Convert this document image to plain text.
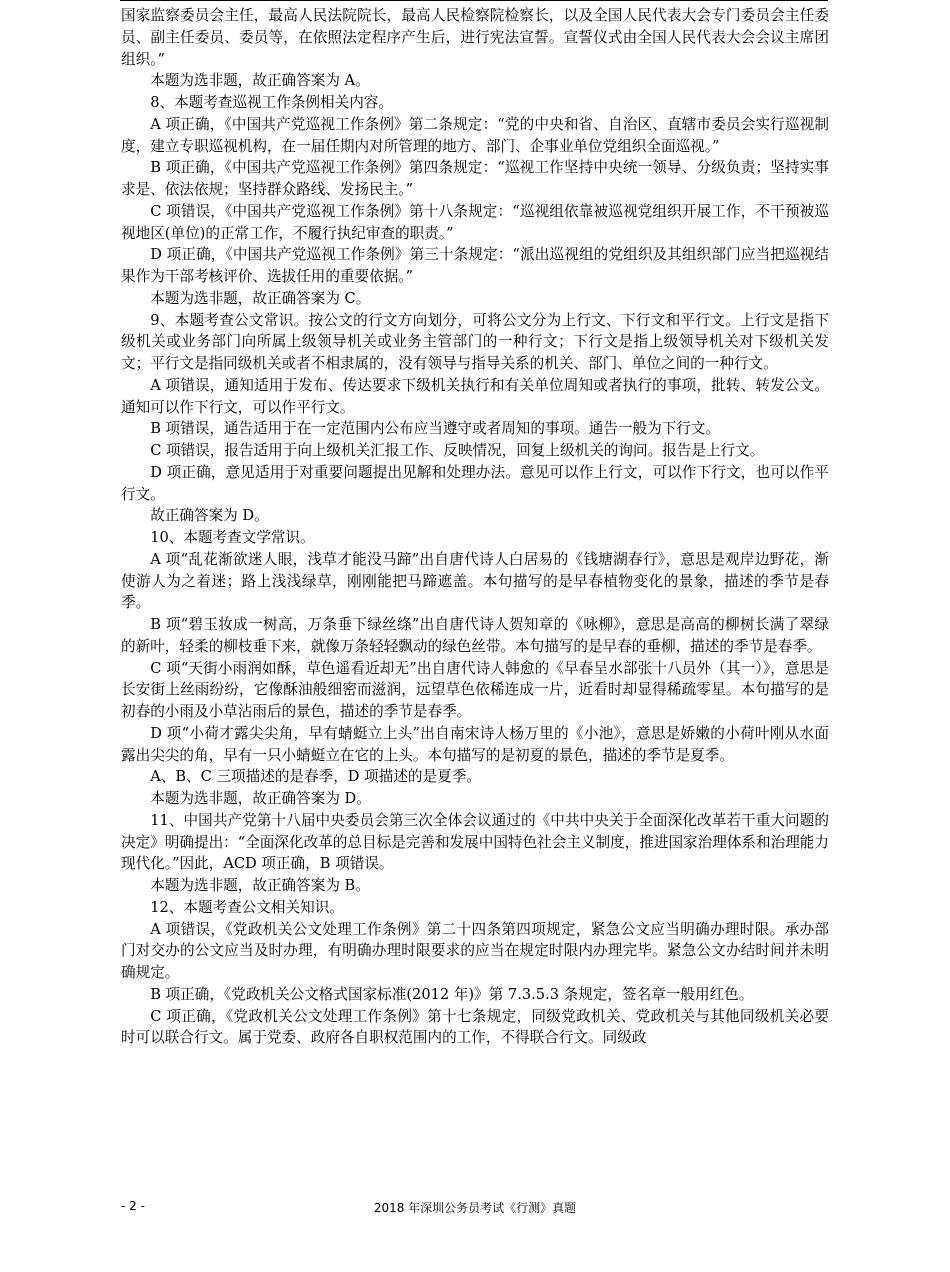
国家监察委员会主任，最高人民法院院长，最高人民检察院检察长，以及全国人民代表大会专门委员会主任委员、副主任委员、委员等，在依照法定程序产生后，进行宪法宣誓。宣誓仪式由全国人民代表大会会议主席团组织。”

本题为选非题，故正确答案为 A。

8、本题考查巡视工作条例相关内容。

A 项正确，《中国共产党巡视工作条例》第二条规定：“党的中央和省、自治区、直辖市委员会实行巡视制度，建立专职巡视机构，在一届任期内对所管理的地方、部门、企事业单位党组织全面巡视。”

B 项正确，《中国共产党巡视工作条例》第四条规定：“巡视工作坚持中央统一领导、分级负责；坚持实事求是、依法依规；坚持群众路线、发扬民主。”

C 项错误，《中国共产党巡视工作条例》第十八条规定：“巡视组依靠被巡视党组织开展工作，不干预被巡视地区(单位)的正常工作，不履行执纪审查的职责。”

D 项正确，《中国共产党巡视工作条例》第三十条规定：“派出巡视组的党组织及其组织部门应当把巡视结果作为干部考核评价、选拔任用的重要依据。”

本题为选非题，故正确答案为 C。

9、本题考查公文常识。按公文的行文方向划分，可将公文分为上行文、下行文和平行文。上行文是指下级机关或业务部门向所属上级领导机关或业务主管部门的一种行文；下行文是指上级领导机关对下级机关发文；平行文是指同级机关或者不相隶属的，没有领导与指导关系的机关、部门、单位之间的一种行文。

A 项错误，通知适用于发布、传达要求下级机关执行和有关单位周知或者执行的事项，批转、转发公文。通知可以作下行文，可以作平行文。

B 项错误，通告适用于在一定范围内公布应当遵守或者周知的事项。通告一般为下行文。

C 项错误，报告适用于向上级机关汇报工作、反映情况，回复上级机关的询问。报告是上行文。

D 项正确，意见适用于对重要问题提出见解和处理办法。意见可以作上行文，可以作下行文，也可以作平行文。

故正确答案为 D。

10、本题考查文学常识。

A 项“乱花渐欲迷人眼，浅草才能没马蹄”出自唐代诗人白居易的《钱塘湖春行》，意思是观岸边野花，渐使游人为之着迷；路上浅浅绿草，刚刚能把马蹄遮盖。本句描写的是早春植物变化的景象，描述的季节是春季。

B 项“碧玉妆成一树高，万条垂下绿丝绦”出自唐代诗人贺知章的《咏柳》，意思是高高的柳树长满了翠绿的新叶，轻柔的柳枝垂下来，就像万条轻轻飘动的绿色丝带。本句描写的是早春的垂柳，描述的季节是春季。

C 项“天街小雨润如酥，草色遥看近却无”出自唐代诗人韩愈的《早春呈水部张十八员外（其一）》，意思是长安街上丝雨纷纷，它像酥油般细密而滋润，远望草色依稀连成一片，近看时却显得稀疏零星。本句描写的是初春的小雨及小草沾雨后的景色，描述的季节是春季。

D 项“小荷才露尖尖角，早有蜻蜓立上头”出自南宋诗人杨万里的《小池》，意思是娇嫩的小荷叶刚从水面露出尖尖的角，早有一只小蜻蜓立在它的上头。本句描写的是初夏的景色，描述的季节是夏季。

A、B、C 三项描述的是春季，D 项描述的是夏季。

本题为选非题，故正确答案为 D。

11、中国共产党第十八届中央委员会第三次全体会议通过的《中共中央关于全面深化改革若干重大问题的决定》明确提出：“全面深化改革的总目标是完善和发展中国特色社会主义制度，推进国家治理体系和治理能力现代化。”因此，ACD 项正确，B 项错误。

本题为选非题，故正确答案为 B。

12、本题考查公文相关知识。

A 项错误，《党政机关公文处理工作条例》第二十四条第四项规定，紧急公文应当明确办理时限。承办部门对交办的公文应当及时办理，有明确办理时限要求的应当在规定时限内办理完毕。紧急公文办结时间并未明确规定。

B 项正确，《党政机关公文格式国家标准(2012 年)》第 7.3.5.3 条规定，签名章一般用红色。

C 项正确，《党政机关公文处理工作条例》第十七条规定，同级党政机关、党政机关与其他同级机关必要时可以联合行文。属于党委、政府各自职权范围内的工作，不得联合行文。同级政

- 2 -	2018 年深圳公务员考试《行测》真题
